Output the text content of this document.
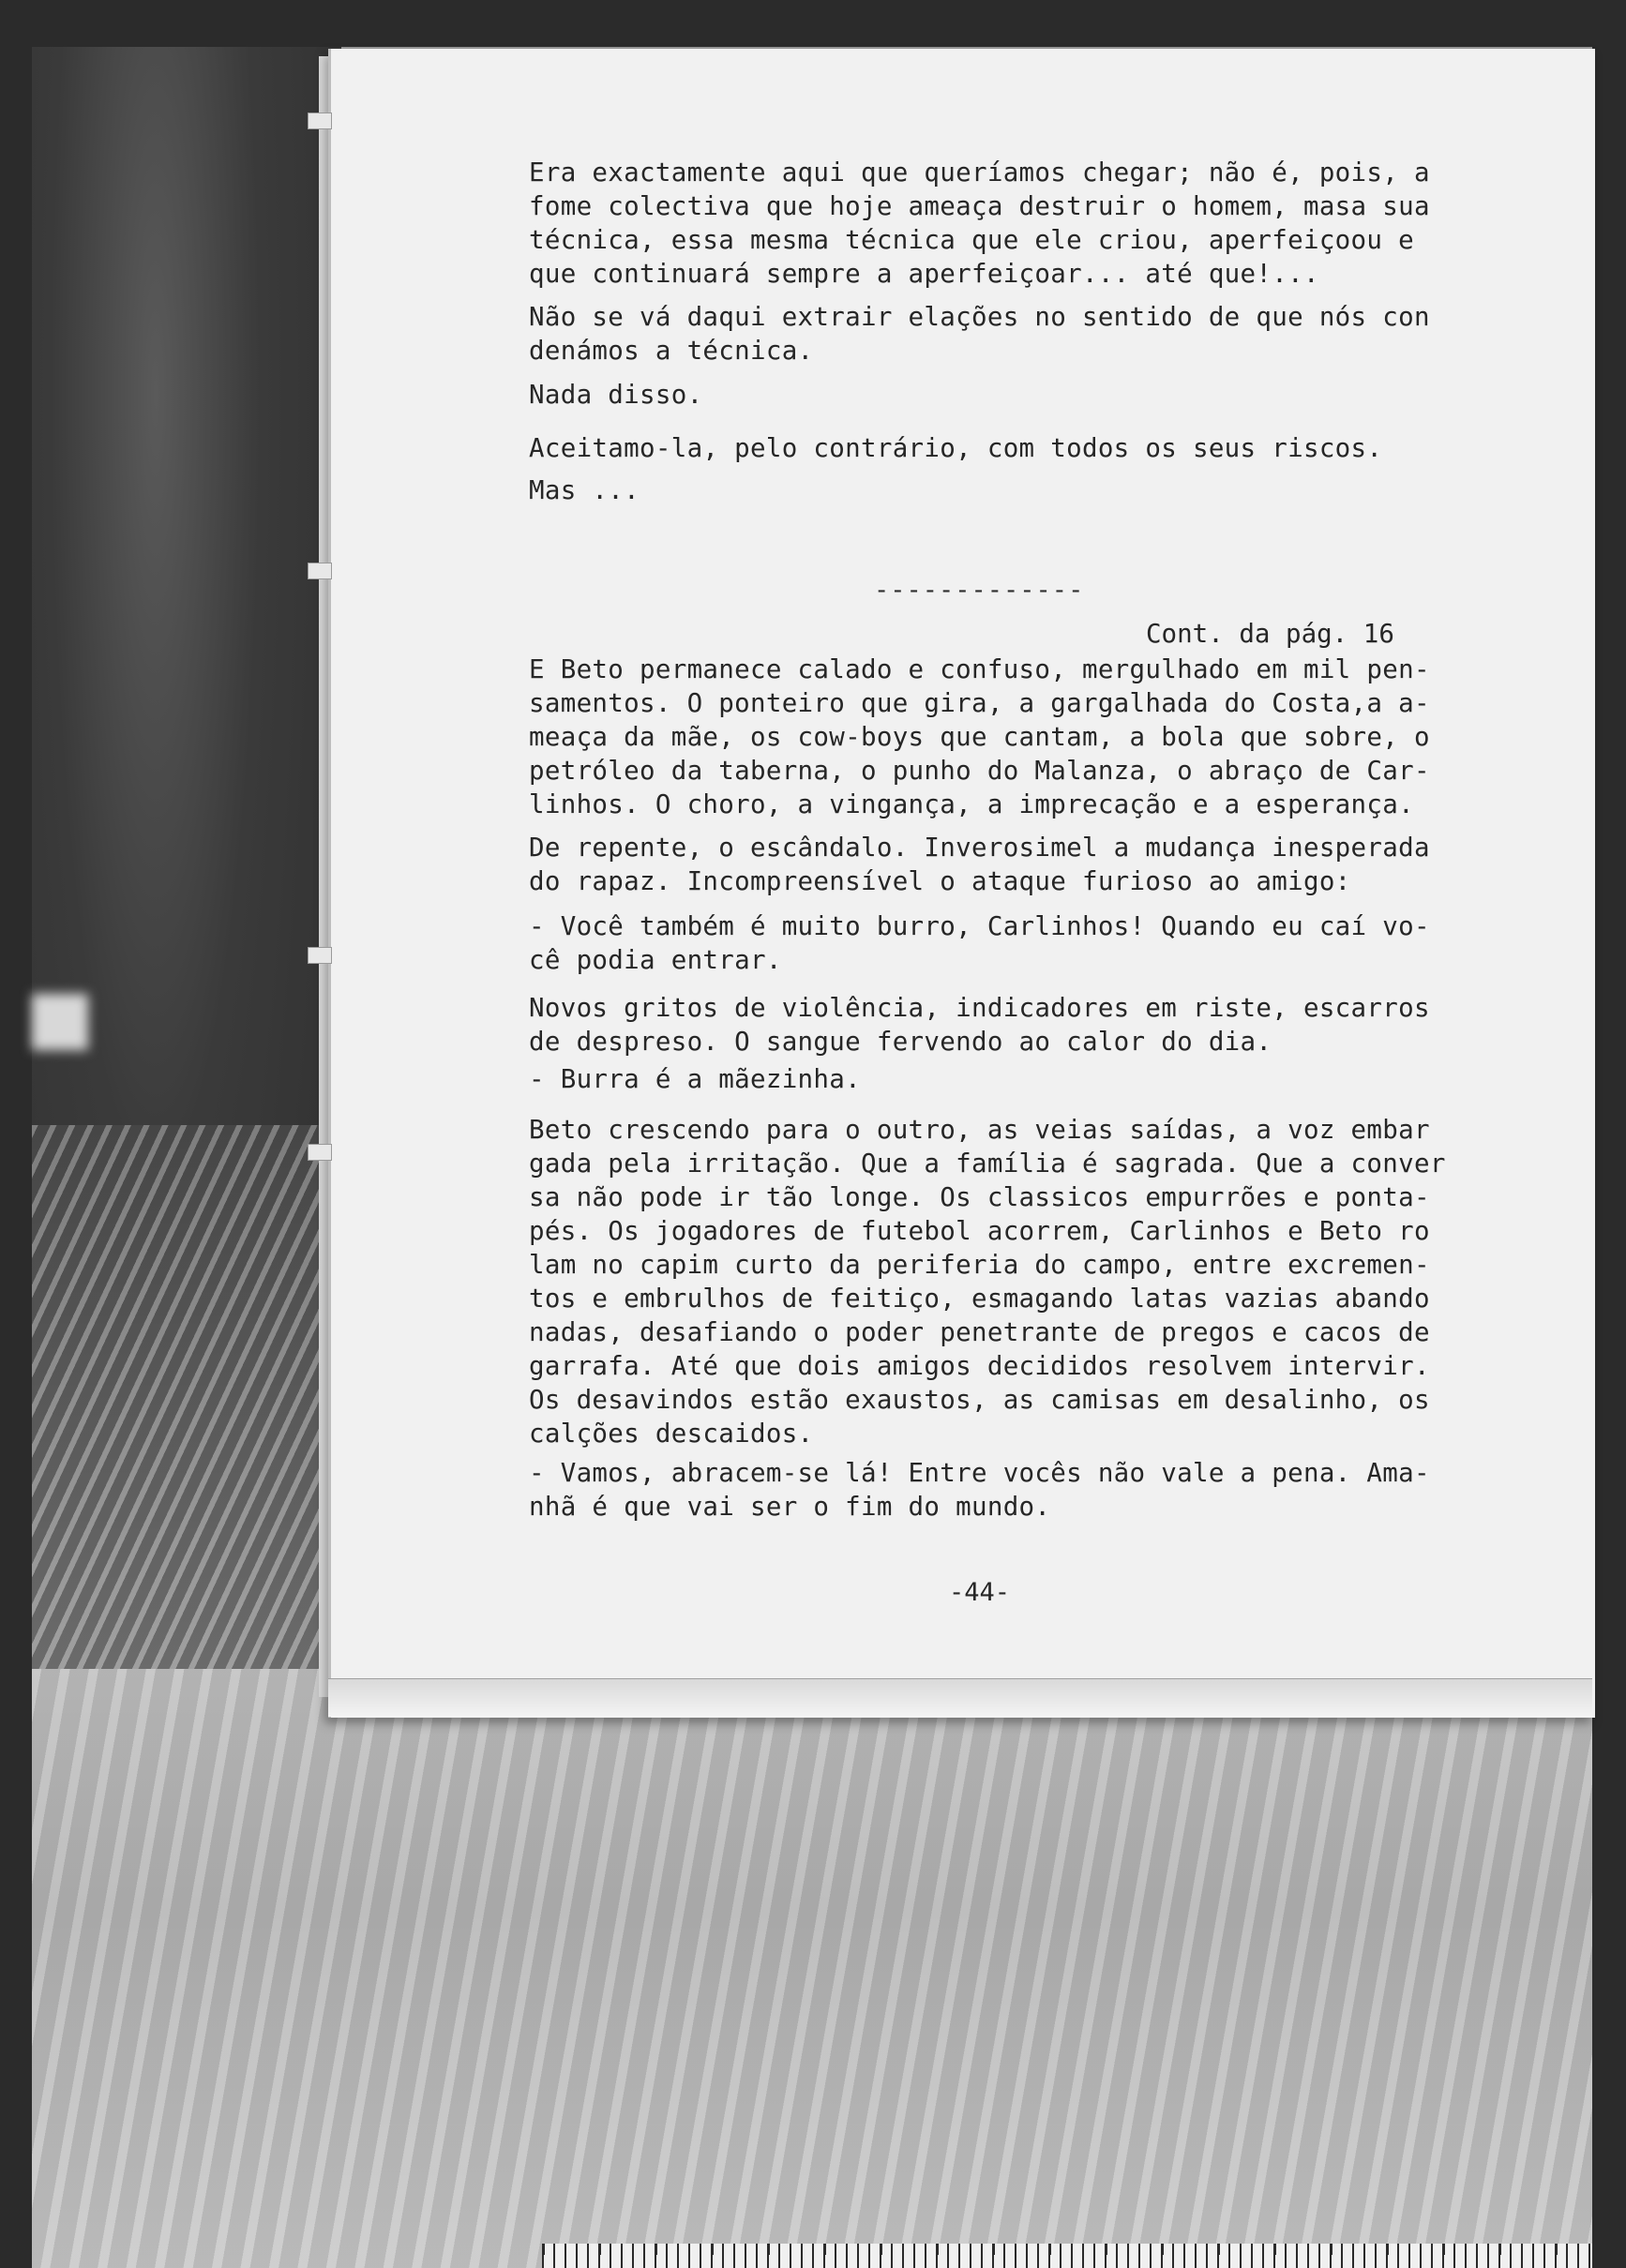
Era exactamente aqui que queríamos chegar; não é, pois, a
fome colectiva que hoje ameaça destruir o homem, masa sua
técnica, essa mesma técnica que ele criou, aperfeiçoou e
que continuará sempre a aperfeiçoar... até que!...
Não se vá daqui extrair elações no sentido de que nós con
denámos a técnica.
Nada disso.
Aceitamo-la, pelo contrário, com todos os seus riscos.
Mas ...
-------------
Cont. da pág. 16
E Beto permanece calado e confuso, mergulhado em mil pen-
samentos. O ponteiro que gira, a gargalhada do Costa,a a-
meaça da mãe, os cow-boys que cantam, a bola que sobre, o
petróleo da taberna, o punho do Malanza, o abraço de Car-
linhos. O choro, a vingança, a imprecação e a esperança.
De repente, o escândalo. Inverosimel a mudança inesperada
do rapaz. Incompreensível o ataque furioso ao amigo:
- Você também é muito burro, Carlinhos! Quando eu caí vo-
cê podia entrar.
Novos gritos de violência, indicadores em riste, escarros
de despreso. O sangue fervendo ao calor do dia.
- Burra é a mãezinha.
Beto crescendo para o outro, as veias saídas, a voz embar
gada pela irritação. Que a família é sagrada. Que a conver
sa não pode ir tão longe. Os classicos empurrões e ponta-
pés. Os jogadores de futebol acorrem, Carlinhos e Beto ro
lam no capim curto da periferia do campo, entre excremen-
tos e embrulhos de feitiço, esmagando latas vazias abando
nadas, desafiando o poder penetrante de pregos e cacos de
garrafa. Até que dois amigos decididos resolvem intervir.
Os desavindos estão exaustos, as camisas em desalinho, os
calções descaidos.
- Vamos, abracem-se lá! Entre vocês não vale a pena. Ama-
nhã é que vai ser o fim do mundo.
-44-
